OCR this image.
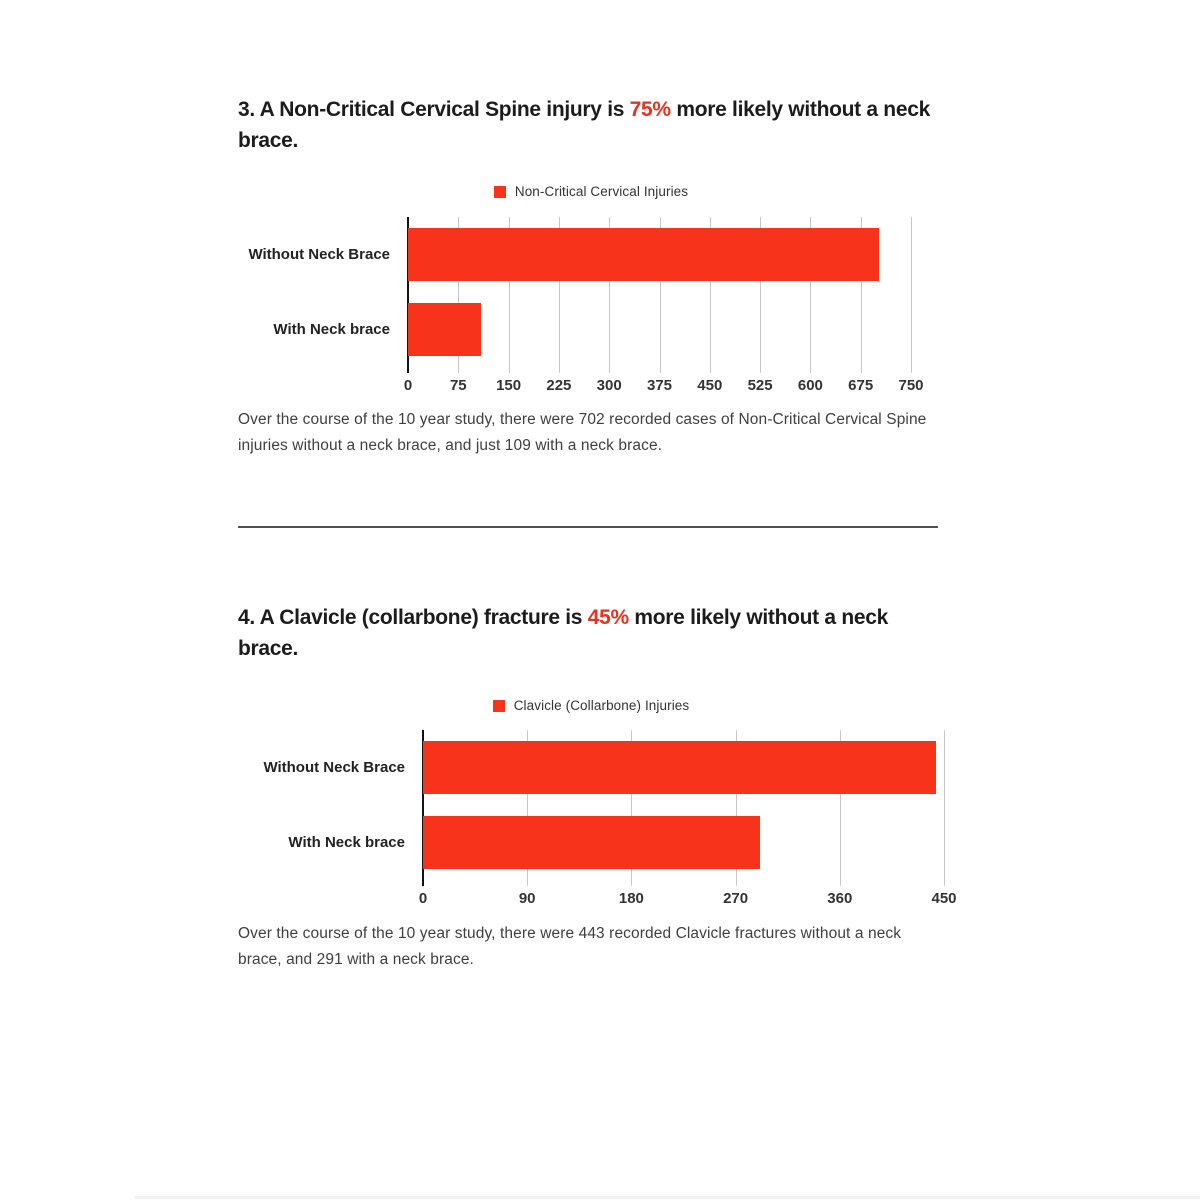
3. A Non-Critical Cervical Spine injury is 75% more likely without a neck brace.
Non-Critical Cervical Injuries
Without Neck Brace
With Neck brace
0	75 150 225 300 375 450 525 600 675 750

Over the course of the 10 year study, there were 702 recorded cases of Non-Critical Cervical Spine injuries without a neck brace, and just 109 with a neck brace.

4. A Clavicle (collarbone) fracture is 45% more likely without a neck brace.
Clavicle (Collarbone) Injuries
Without Neck Brace
With Neck brace
0	90	180	270	360	450

Over the course of the 10 year study, there were 443 recorded Clavicle fractures without a neck brace, and 291 with a neck brace.
